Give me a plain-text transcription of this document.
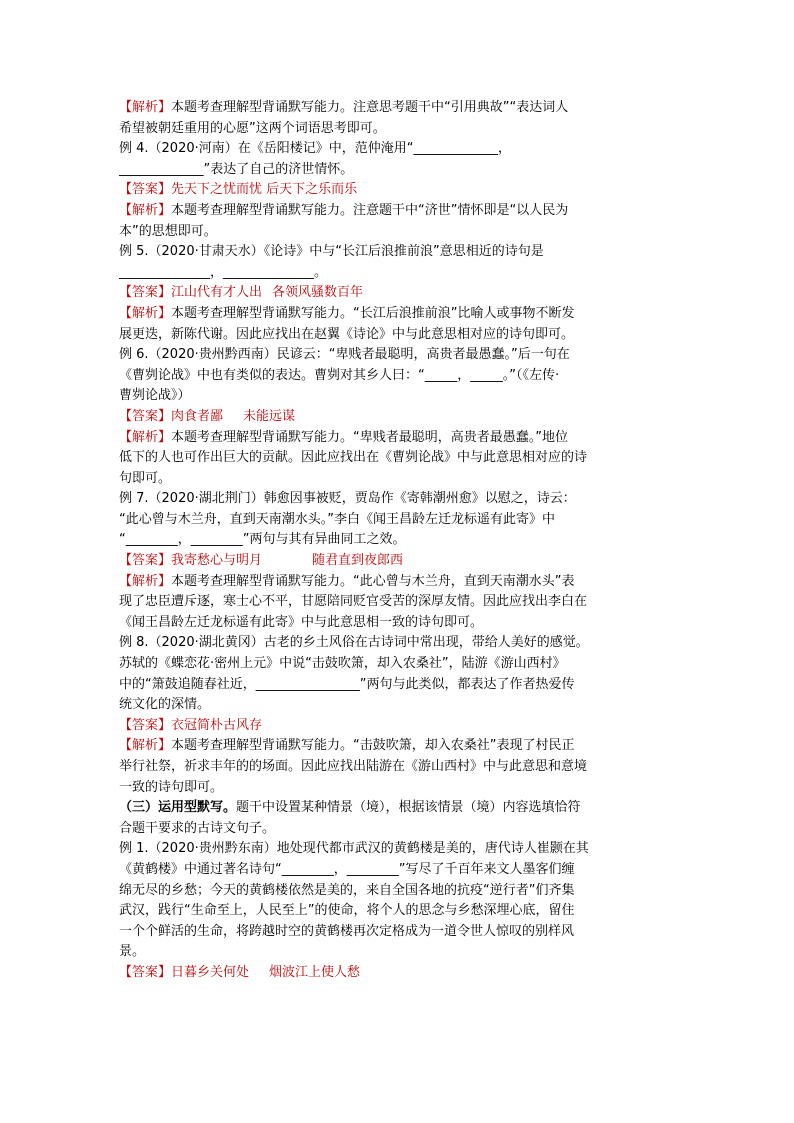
【解析】本题考查理解型背诵默写能力。注意思考题干中“引用典故”“表达词人
希望被朝廷重用的心愿”这两个词语思考即可。
例 4.（2020·河南）在《岳阳楼记》中，范仲淹用“_____________，
_____________”表达了自己的济世情怀。
【答案】先天下之忧而忧 后天下之乐而乐
【解析】本题考查理解型背诵默写能力。注意题干中“济世”情怀即是“以人民为
本”的思想即可。
例 5.（2020·甘肃天水）《论诗》中与“长江后浪推前浪”意思相近的诗句是
______________，______________。
【答案】江山代有才人出 各领风骚数百年
【解析】本题考查理解型背诵默写能力。“长江后浪推前浪”比喻人或事物不断发
展更迭，新陈代谢。因此应找出在赵翼《诗论》中与此意思相对应的诗句即可。
例 6.（2020·贵州黔西南）民谚云：“卑贱者最聪明，高贵者最愚蠢。”后一句在
《曹刿论战》中也有类似的表达。曹刿对其乡人曰：“_____，_____。”（《左传·
曹刿论战》）
【答案】肉食者鄙 未能远谋
【解析】本题考查理解型背诵默写能力。“卑贱者最聪明，高贵者最愚蠢。”地位
低下的人也可作出巨大的贡献。因此应找出在《曹刿论战》中与此意思相对应的诗
句即可。
例 7.（2020·湖北荆门）韩愈因事被贬，贾岛作《寄韩潮州愈》以慰之，诗云：
“此心曾与木兰舟，直到天南潮水头。”李白《闻王昌龄左迁龙标遥有此寄》中
“________，________”两句与其有异曲同工之效。
【答案】我寄愁心与明月	随君直到夜郎西
【解析】本题考查理解型背诵默写能力。“此心曾与木兰舟，直到天南潮水头”表
现了忠臣遭斥逐，寒士心不平，甘愿陪同贬官受苦的深厚友情。因此应找出李白在
《闻王昌龄左迁龙标遥有此寄》中与此意思相一致的诗句即可。
例 8.（2020·湖北黄冈）古老的乡土风俗在古诗词中常出现，带给人美好的感觉。
苏轼的《蝶恋花·密州上元》中说“击鼓吹箫，却入农桑社”，陆游《游山西村》
中的“箫鼓追随春社近，________________”两句与此类似，都表达了作者热爱传
统文化的深情。
【答案】衣冠简朴古风存
【解析】本题考查理解型背诵默写能力。“击鼓吹箫，却入农桑社”表现了村民正
举行社祭，祈求丰年的的场面。因此应找出陆游在《游山西村》中与此意思和意境
一致的诗句即可。
（三）运用型默写。题干中设置某种情景（境），根据该情景（境）内容选填恰符
合题干要求的古诗文句子。
例 1.（2020·贵州黔东南）地处现代都市武汉的黄鹤楼是美的，唐代诗人崔颢在其
《黄鹤楼》中通过著名诗句“________，________”写尽了千百年来文人墨客们缠
绵无尽的乡愁；今天的黄鹤楼依然是美的，来自全国各地的抗疫“逆行者”们齐集
武汉，践行“生命至上，人民至上”的使命，将个人的思念与乡愁深埋心底，留住
一个个鲜活的生命，将跨越时空的黄鹤楼再次定格成为一道令世人惊叹的别样风
景。
【答案】日暮乡关何处 烟波江上使人愁
